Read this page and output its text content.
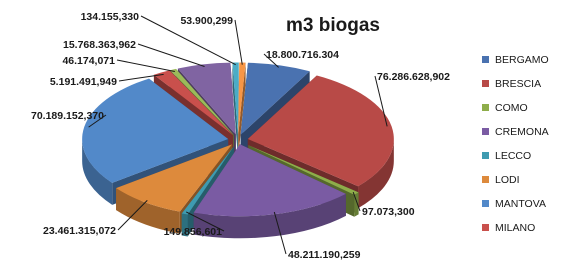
m3 biogas
18.800.716.304
76.286.628,902
97.073,300
48.211.190,259
149.856,601
23.461.315,072
70.189.152,370
5.191.491,949
46.174,071
15.768.363,962
134.155,330	53.900,299
BERGAMO
BRESCIA
COMO
CREMONA
LECCO
LODI
MANTOVA
MILANO
